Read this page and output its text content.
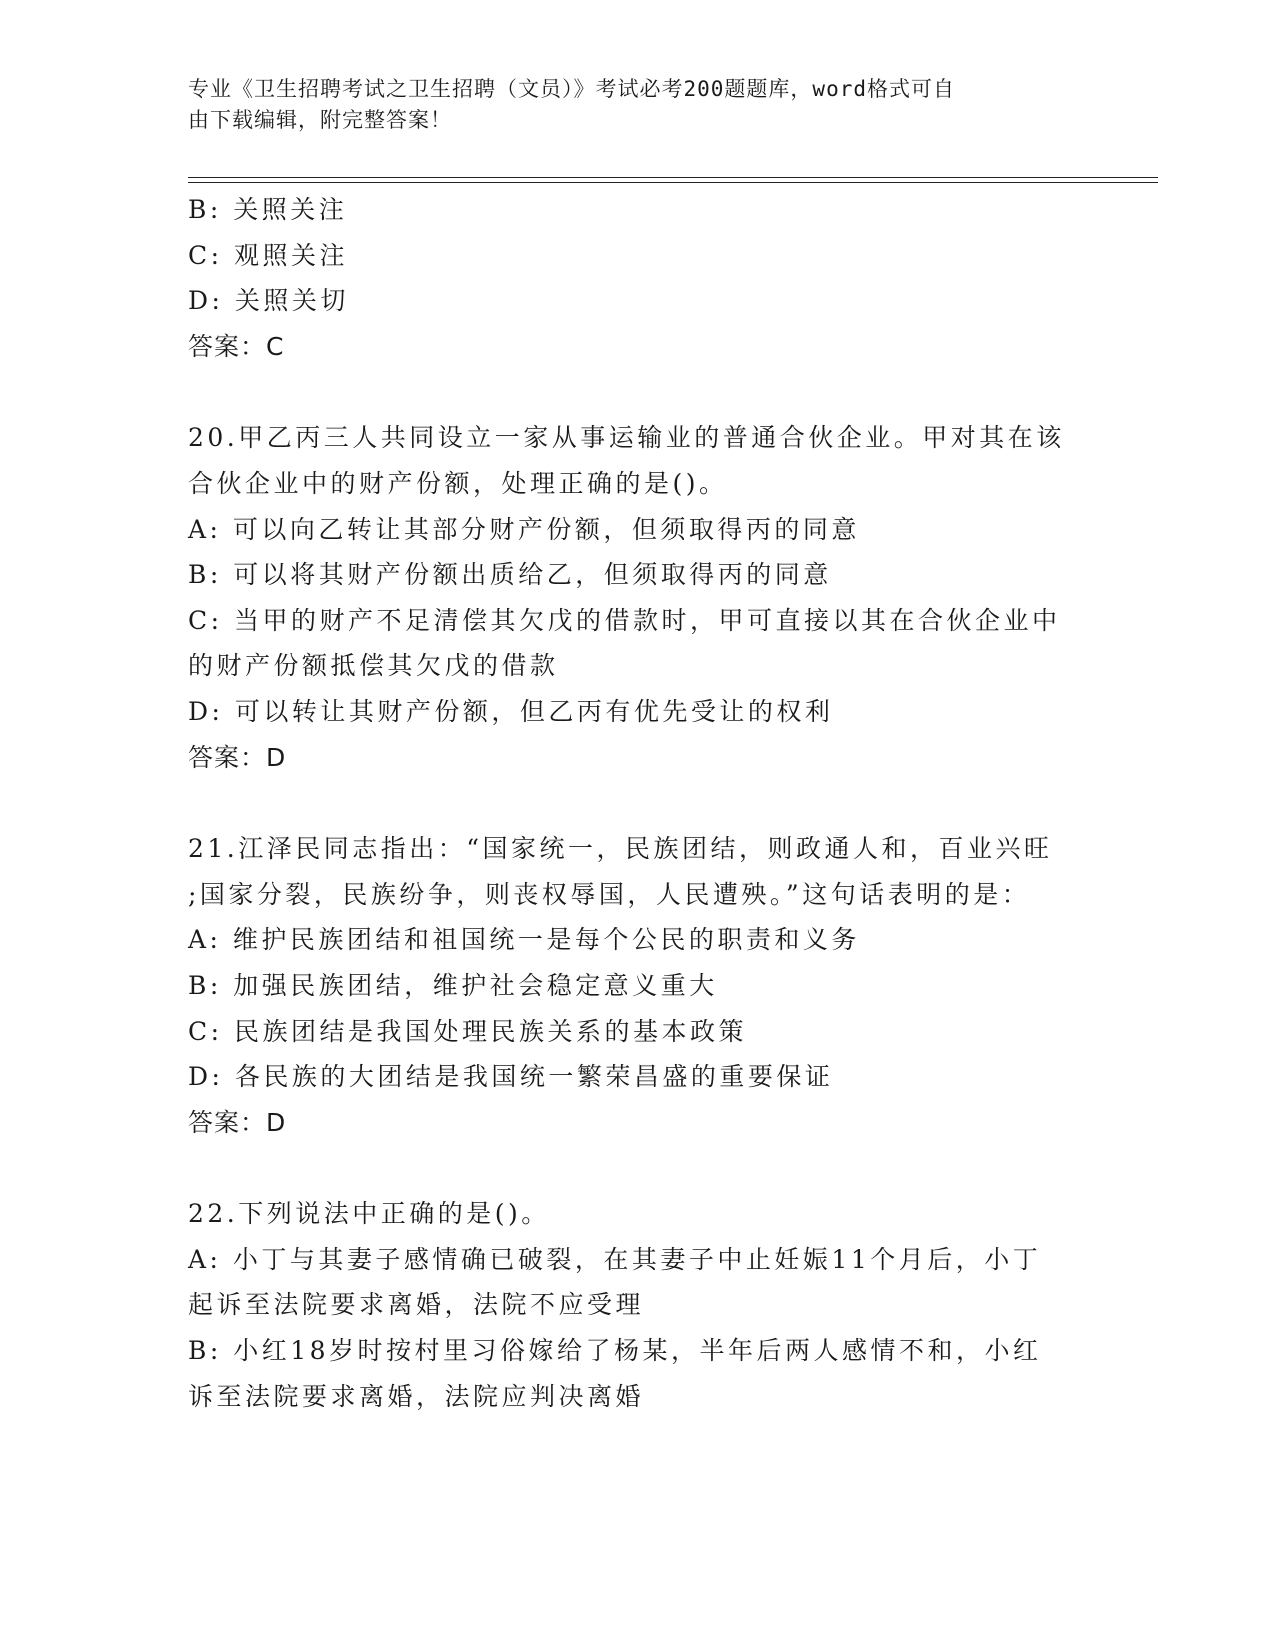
专业《卫生招聘考试之卫生招聘（文员）》考试必考200题题库，word格式可自
由下载编辑，附完整答案！
B: 关照关注
C: 观照关注
D: 关照关切
答案：C
20.甲乙丙三人共同设立一家从事运输业的普通合伙企业。甲对其在该
合伙企业中的财产份额，处理正确的是()。
A: 可以向乙转让其部分财产份额，但须取得丙的同意
B: 可以将其财产份额出质给乙，但须取得丙的同意
C: 当甲的财产不足清偿其欠戊的借款时，甲可直接以其在合伙企业中
的财产份额抵偿其欠戊的借款
D: 可以转让其财产份额，但乙丙有优先受让的权利
答案：D
21.江泽民同志指出：“国家统一，民族团结，则政通人和，百业兴旺
;国家分裂，民族纷争，则丧权辱国，人民遭殃。”这句话表明的是：
A: 维护民族团结和祖国统一是每个公民的职责和义务
B: 加强民族团结，维护社会稳定意义重大
C: 民族团结是我国处理民族关系的基本政策
D: 各民族的大团结是我国统一繁荣昌盛的重要保证
答案：D
22.下列说法中正确的是()。
A: 小丁与其妻子感情确已破裂，在其妻子中止妊娠11个月后，小丁
起诉至法院要求离婚，法院不应受理
B: 小红18岁时按村里习俗嫁给了杨某，半年后两人感情不和，小红
诉至法院要求离婚，法院应判决离婚
